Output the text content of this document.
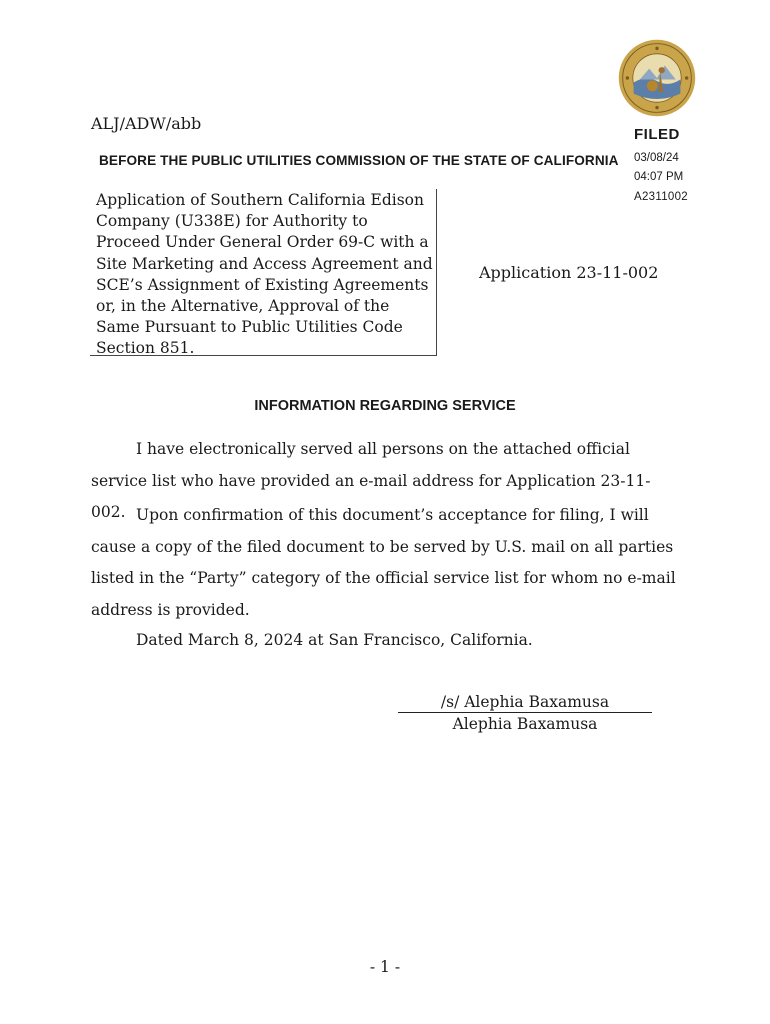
ALJ/ADW/abb
FILED
03/08/24
04:07 PM
A2311002
BEFORE THE PUBLIC UTILITIES COMMISSION OF THE STATE OF CALIFORNIA
Application of Southern California Edison Company (U338E) for Authority to Proceed Under General Order 69-C with a Site Marketing and Access Agreement and SCE’s Assignment of Existing Agreements or, in the Alternative, Approval of the Same Pursuant to Public Utilities Code Section 851.
Application 23-11-002
INFORMATION REGARDING SERVICE
I have electronically served all persons on the attached official service list who have provided an e-mail address for Application 23-11-002. Upon confirmation of this document’s acceptance for filing, I will cause a copy of the filed document to be served by U.S. mail on all parties listed in the “Party” category of the official service list for whom no e-mail address is provided.
Dated March 8, 2024 at San Francisco, California.
/s/ Alephia Baxamusa
Alephia Baxamusa
- 1 -
